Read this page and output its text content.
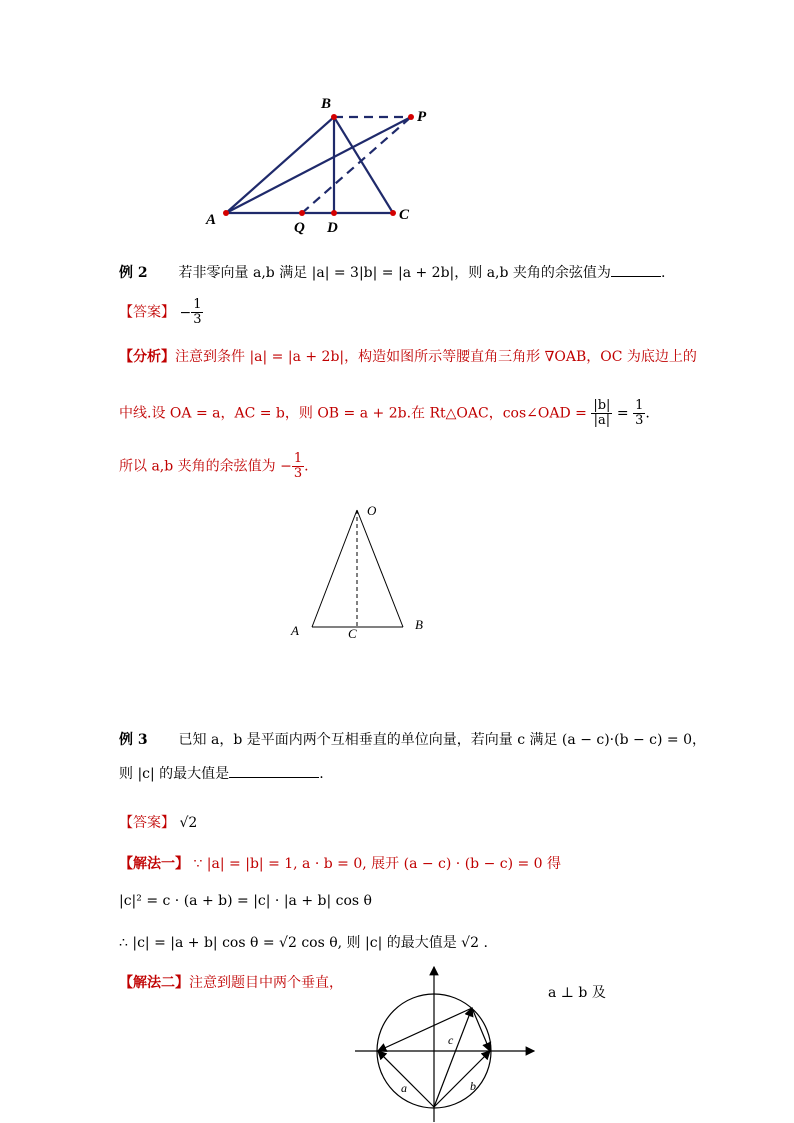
B
P
A	C
Q D
例 2 若非零向量 a,b 满足 |a| = 3|b| = |a + 2b|，则 a,b 夹角的余弦值为	.
【答案】 − $\frac{1}{3}$
【分析】注意到条件 |a| = |a + 2b|，构造如图所示等腰直角三角形 ∇OAB，OC 为底边上的
中线.设 OA = a，AC = b，则 OB = a + 2b.在 Rt△OAC，cos∠OAD = $\frac{|b|}{|a|} = \frac{1}{3}$ .
所以 a,b 夹角的余弦值为 − $\frac{1}{3}$ .
O
A	B
C
例 3 已知 a，b 是平面内两个互相垂直的单位向量，若向量 c 满足 (a − c)·(b − c) = 0，
则 |c| 的最大值是	.
【答案】 √2
【解法一】 ∵ |a| = |b| = 1, a · b = 0, 展开 (a − c) · (b − c) = 0 得
|c|² = c · (a + b) = |c| · |a + b| cos θ
∴ |c| = |a + b| cos θ = √2 cos θ, 则 |c| 的最大值是 √2 .
【解法二】注意到题目中两个垂直，
a ⊥ b 及
c
a	b
